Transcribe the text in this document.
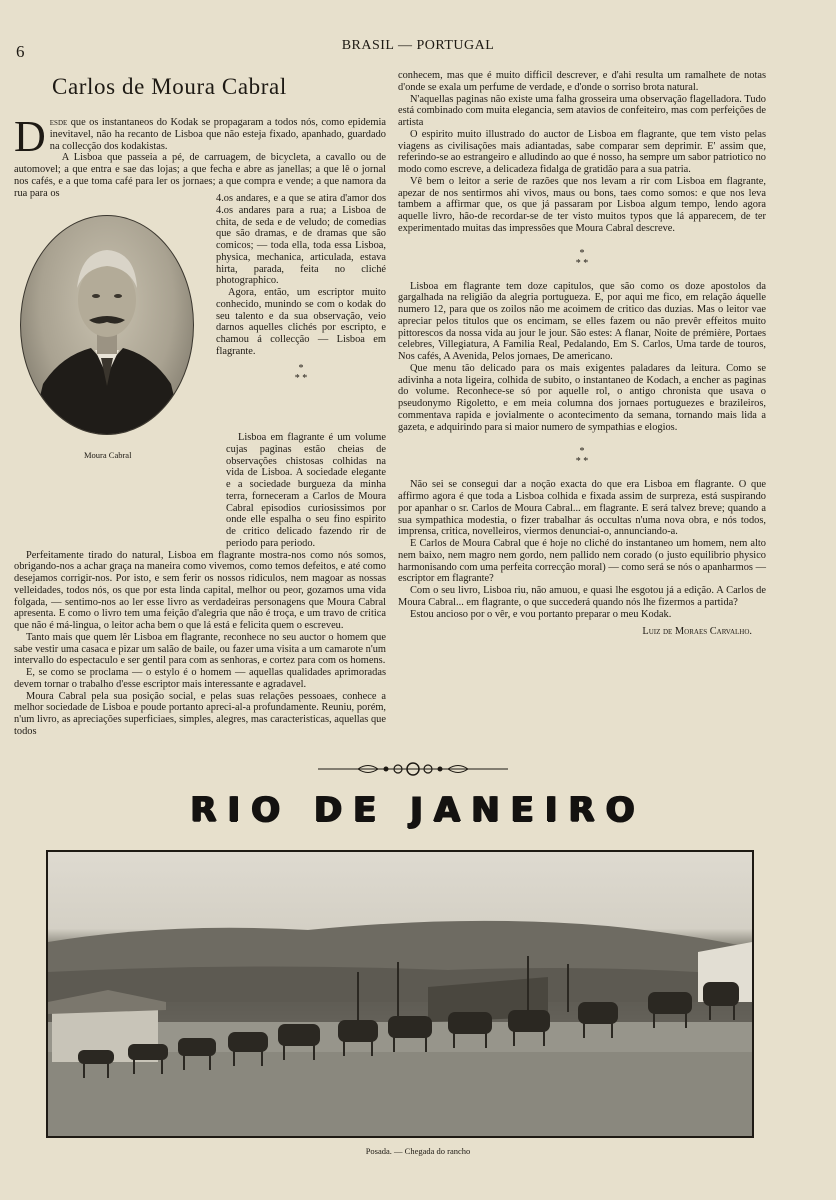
6	BRASIL — PORTUGAL
Carlos de Moura Cabral

Desde que os instantaneos do Kodak se propagaram a todos nós, como epidemia inevitavel, não ha recanto de Lisboa que não esteja fixado, apanhado, guardado na collecção dos kodakistas.

A Lisboa que passeia a pé, de carruagem, de bicycleta, a cavallo ou de automovel; a que entra e sae das lojas; a que fecha e abre as janellas; a que lê o jornal nos cafés, e a que toma café para ler os jornaes; a que compra e vende; a que namora da rua para os

Moura Cabral

4.os andares, e a que se atira d'amor dos 4.os andares para a rua; a Lisboa de chita, de seda e de veludo; de comedias que são dramas, e de dramas que são comicos; — toda ella, toda essa Lisboa, physica, mechanica, articulada, estava hirta, parada, feita no cliché photographico.

Agora, então, um escriptor muito conhecido, munindo se com o kodak do seu talento e da sua observação, veio darnos aquelles clichés por escripto, e chamou á collecção — Lisboa em flagrante.

*
* *

Lisboa em flagrante é um volume cujas paginas estão cheias de observações chistosas colhidas na vida de Lisboa. A sociedade elegante e a sociedade burgueza da minha terra, forneceram a Carlos de Moura Cabral episodios curiosissimos por onde elle espalha o seu fino espirito de critico delicado fazendo rir de periodo para periodo.

Perfeitamente tirado do natural, Lisboa em flagrante mostra-nos como nós somos, obrigando-nos a achar graça na maneira como vivemos, como temos defeitos, e até como desejamos corrigir-nos. Por isto, e sem ferir os nossos ridiculos, nem magoar as nossas velleidades, todos nós, os que por esta linda capital, melhor ou peor, gozamos uma vida folgada, — sentimo-nos ao ler esse livro as verdadeiras personagens que Moura Cabral apresenta. E como o livro tem uma feição d'alegria que não é troça, e um travo de critica que não é má-lingua, o leitor acha bem o que lá está e felicita quem o escreveu.

Tanto mais que quem lêr Lisboa em flagrante, reconhece no seu auctor o homem que sabe vestir uma casaca e pizar um salão de baile, ou fazer uma visita a um camarote n'um intervallo do espectaculo e ser gentil para com as senhoras, e cortez para com os homens.

E, se como se proclama — o estylo é o homem — aquellas qualidades aprimoradas devem tornar o trabalho d'esse escriptor mais interessante e agradavel.

Moura Cabral pela sua posição social, e pelas suas relações pessoaes, conhece a melhor sociedade de Lisboa e poude portanto apreci-al-a profundamente. Reuniu, porém, n'um livro, as apreciações superficiaes, simples, alegres, mas caracteristicas, aquellas que todos

conhecem, mas que é muito difficil descrever, e d'ahi resulta um ramalhete de notas d'onde se exala um perfume de verdade, e d'onde o sorriso brota natural.

N'aquellas paginas não existe uma falha grosseira uma observação flagelladora. Tudo está combinado com muita elegancia, sem atavios de confeiteiro, mas com perfeições de artista

O espirito muito illustrado do auctor de Lisboa em flagrante, que tem visto pelas viagens as civilisações mais adiantadas, sabe comparar sem deprimir. E' assim que, referindo-se ao estrangeiro e alludindo ao que é nosso, ha sempre um sabor patriotico no modo como escreve, a delicadeza fidalga de gratidão para a sua patria.

Vê bem o leitor a serie de razões que nos levam a rir com Lisboa em flagrante, apezar de nos sentirmos ahi vivos, maus ou bons, taes como somos: e que nos leva tambem a affirmar que, os que já passaram por Lisboa algum tempo, lendo agora aquelle livro, hão-de recordar-se de ter visto muitos typos que lá apparecem, de ter experimentado muitas das impressões que Moura Cabral descreve.

*
* *

Lisboa em flagrante tem doze capitulos, que são como os doze apostolos da gargalhada na religião da alegria portugueza. E, por aqui me fico, em relação áquelle numero 12, para que os zoilos não me acoimem de critico das duzias. Mas o leitor vae apreciar pelos titulos que os encimam, se elles fazem ou não prevêr effeitos muito pittorescos da nossa vida au jour le jour. São estes: A flanar, Noite de prémière, Portaes celebres, Villegiatura, A Familia Real, Pedalando, Em S. Carlos, Uma tarde de touros, Nos cafés, A Avenida, Pelos jornaes, De americano.

Que menu tão delicado para os mais exigentes paladares da leitura. Como se adivinha a nota ligeira, colhida de subito, o instantaneo de Kodach, a encher as paginas do volume. Reconhece-se só por aquelle rol, o antigo chronista que usava o pseudonymo Rigoletto, e em meia columna dos jornaes portuguezes e brazileiros, commentava rapida e jovialmente o acontecimento da semana, tornando mais lida a gazeta, e adquirindo para si maior numero de sympathias e elogios.

*
* *

Não sei se consegui dar a noção exacta do que era Lisboa em flagrante. O que affirmo agora é que toda a Lisboa colhida e fixada assim de surpreza, está suspirando por apanhar o sr. Carlos de Moura Cabral... em flagrante. E será talvez breve; quando a sua sympathica modestia, o fizer trabalhar ás occultas n'uma nova obra, e nós todos, imprensa, critica, novelleiros, viermos denunciai-o, annunciando-a.

E Carlos de Moura Cabral que é hoje no cliché do instantaneo um homem, nem alto nem baixo, nem magro nem gordo, nem pallido nem corado (o justo equilibrio physico harmonisando com uma perfeita correcção moral) — como será se nós o apanharmos — escriptor em flagrante?

Com o seu livro, Lisboa riu, não amuou, e quasi lhe esgotou já a edição. A Carlos de Moura Cabral... em flagrante, o que succederá quando nós lhe fizermos a partida?

Estou ancioso por o vêr, e vou portanto preparar o meu Kodak.

Luiz de Moraes Carvalho.
RIO DE JANEIRO
Posada. — Chegada do rancho
